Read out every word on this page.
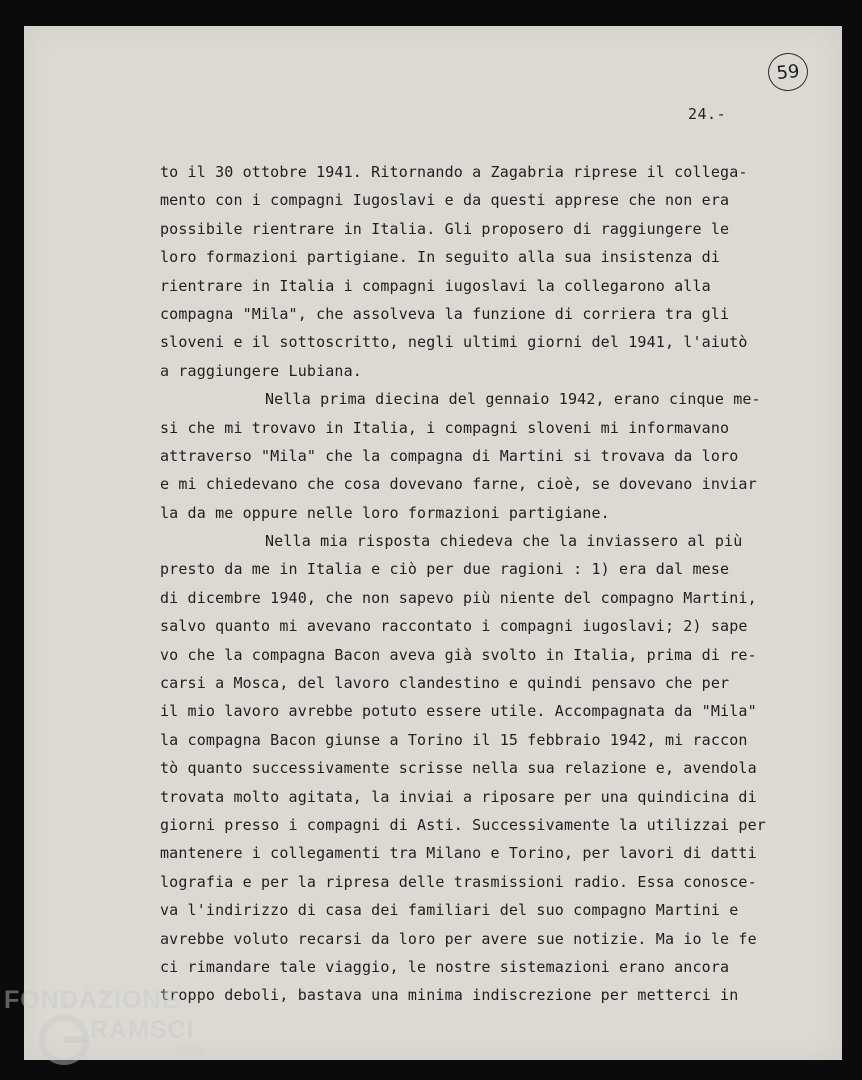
59
24.-
to il 30 ottobre 1941. Ritornando a Zagabria riprese il collega-
mento con i compagni Iugoslavi e da questi apprese che non era
possibile rientrare in Italia. Gli proposero di raggiungere le
loro formazioni partigiane. In seguito alla sua insistenza di
rientrare in Italia i compagni iugoslavi la collegarono alla
compagna "Mila", che assolveva la funzione di corriera tra gli
sloveni e il sottoscritto, negli ultimi giorni del 1941, l'aiutò
a raggiungere Lubiana.
Nella prima diecina del gennaio 1942, erano cinque me-
si che mi trovavo in Italia, i compagni sloveni mi informavano
attraverso "Mila" che la compagna di Martini si trovava da loro
e mi chiedevano che cosa dovevano farne, cioè, se dovevano inviar
la da me oppure nelle loro formazioni partigiane.
Nella mia risposta chiedeva che la inviassero al più
presto da me in Italia e ciò per due ragioni : 1) era dal mese
di dicembre 1940, che non sapevo più niente del compagno Martini,
salvo quanto mi avevano raccontato i compagni iugoslavi; 2) sape
vo che la compagna Bacon aveva già svolto in Italia, prima di re-
carsi a Mosca, del lavoro clandestino e quindi pensavo che per
il mio lavoro avrebbe potuto essere utile. Accompagnata da "Mila"
la compagna Bacon giunse a Torino il 15 febbraio 1942, mi raccon
tò quanto successivamente scrisse nella sua relazione e, avendola
trovata molto agitata, la inviai a riposare per una quindicina di
giorni presso i compagni di Asti. Successivamente la utilizzai per
mantenere i collegamenti tra Milano e Torino, per lavori di datti
lografia e per la ripresa delle trasmissioni radio. Essa conosce-
va l'indirizzo di casa dei familiari del suo compagno Martini e
avrebbe voluto recarsi da loro per avere sue notizie. Ma io le fe
ci rimandare tale viaggio, le nostre sistemazioni erano ancora
troppo deboli, bastava una minima indiscrezione per metterci in
FONDAZIONE
RAMSCI
onlus
